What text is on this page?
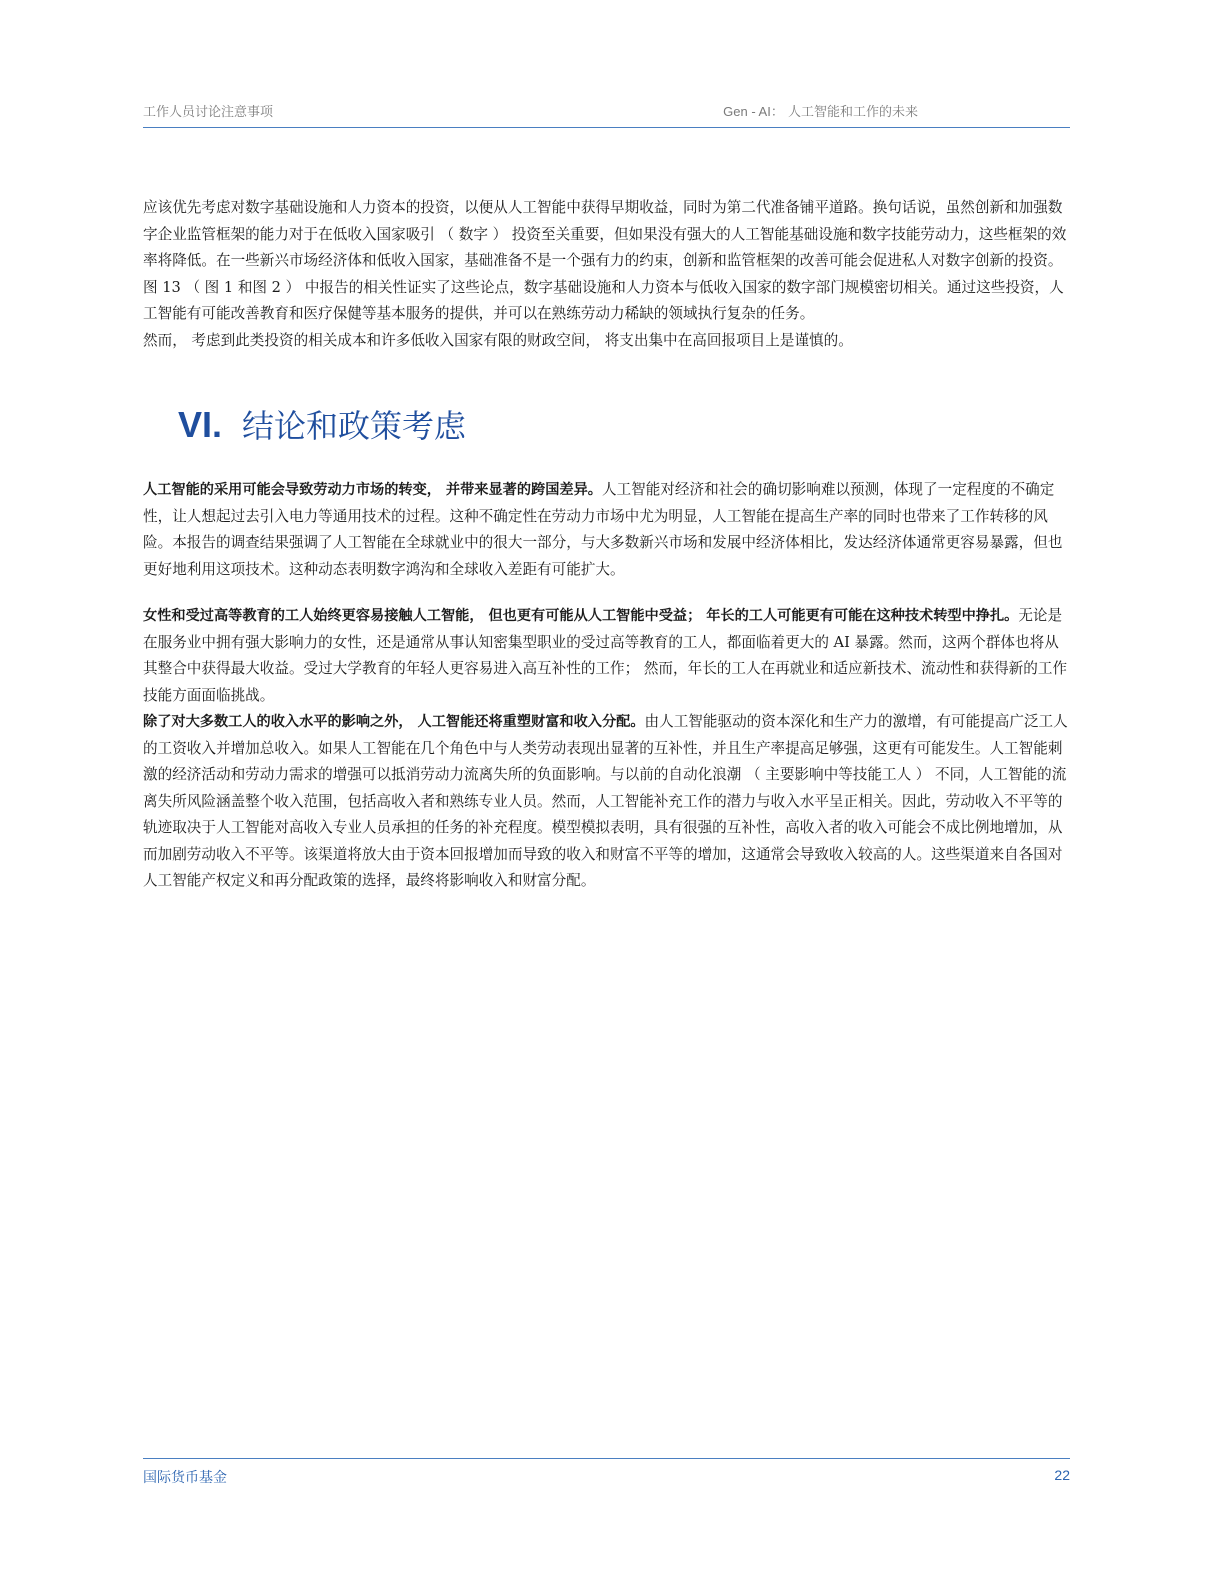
工作人员讨论注意事项	Gen - AI： 人工智能和工作的未来

应该优先考虑对数字基础设施和人力资本的投资，以便从人工智能中获得早期收益，同时为第二代准备铺平道路。换句话说，虽然创新和加强数字企业监管框架的能力对于在低收入国家吸引 （ 数字 ） 投资至关重要，但如果没有强大的人工智能基础设施和数字技能劳动力，这些框架的效率将降低。在一些新兴市场经济体和低收入国家，基础准备不是一个强有力的约束，创新和监管框架的改善可能会促进私人对数字创新的投资。图 13 （ 图 1 和图 2 ） 中报告的相关性证实了这些论点，数字基础设施和人力资本与低收入国家的数字部门规模密切相关。通过这些投资，人工智能有可能改善教育和医疗保健等基本服务的提供，并可以在熟练劳动力稀缺的领域执行复杂的任务。

然而， 考虑到此类投资的相关成本和许多低收入国家有限的财政空间， 将支出集中在高回报项目上是谨慎的。

VI. 结论和政策考虑

人工智能的采用可能会导致劳动力市场的转变， 并带来显著的跨国差异。人工智能对经济和社会的确切影响难以预测，体现了一定程度的不确定性，让人想起过去引入电力等通用技术的过程。这种不确定性在劳动力市场中尤为明显，人工智能在提高生产率的同时也带来了工作转移的风险。本报告的调查结果强调了人工智能在全球就业中的很大一部分，与大多数新兴市场和发展中经济体相比，发达经济体通常更容易暴露，但也更好地利用这项技术。这种动态表明数字鸿沟和全球收入差距有可能扩大。

女性和受过高等教育的工人始终更容易接触人工智能， 但也更有可能从人工智能中受益； 年长的工人可能更有可能在这种技术转型中挣扎。无论是在服务业中拥有强大影响力的女性，还是通常从事认知密集型职业的受过高等教育的工人，都面临着更大的 AI 暴露。然而，这两个群体也将从其整合中获得最大收益。受过大学教育的年轻人更容易进入高互补性的工作； 然而，年长的工人在再就业和适应新技术、流动性和获得新的工作技能方面面临挑战。

除了对大多数工人的收入水平的影响之外， 人工智能还将重塑财富和收入分配。由人工智能驱动的资本深化和生产力的激增，有可能提高广泛工人的工资收入并增加总收入。如果人工智能在几个角色中与人类劳动表现出显著的互补性，并且生产率提高足够强，这更有可能发生。人工智能刺激的经济活动和劳动力需求的增强可以抵消劳动力流离失所的负面影响。与以前的自动化浪潮 （ 主要影响中等技能工人 ） 不同，人工智能的流离失所风险涵盖整个收入范围，包括高收入者和熟练专业人员。然而，人工智能补充工作的潜力与收入水平呈正相关。因此，劳动收入不平等的轨迹取决于人工智能对高收入专业人员承担的任务的补充程度。模型模拟表明，具有很强的互补性，高收入者的收入可能会不成比例地增加，从而加剧劳动收入不平等。该渠道将放大由于资本回报增加而导致的收入和财富不平等的增加，这通常会导致收入较高的人。这些渠道来自各国对人工智能产权定义和再分配政策的选择，最终将影响收入和财富分配。

国际货币基金	22
